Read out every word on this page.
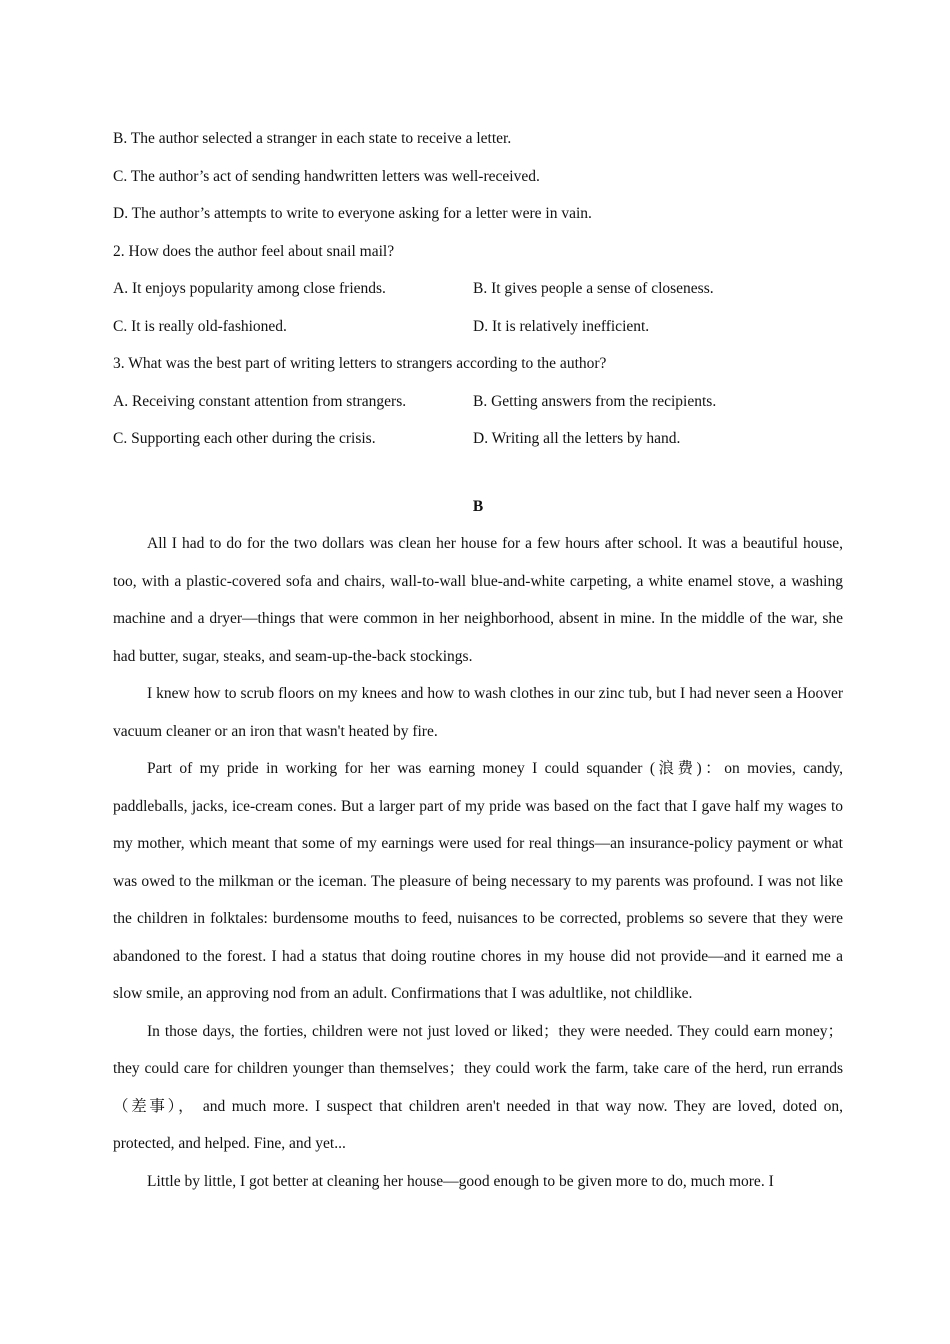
B. The author selected a stranger in each state to receive a letter.
C. The author’s act of sending handwritten letters was well-received.
D. The author’s attempts to write to everyone asking for a letter were in vain.
2. How does the author feel about snail mail?
A. It enjoys popularity among close friends.	B. It gives people a sense of closeness.
C. It is really old-fashioned.	D. It is relatively inefficient.
3. What was the best part of writing letters to strangers according to the author?
A. Receiving constant attention from strangers.	B. Getting answers from the recipients.
C. Supporting each other during the crisis.	D. Writing all the letters by hand.
B

All I had to do for the two dollars was clean her house for a few hours after school. It was a beautiful house, too, with a plastic-covered sofa and chairs, wall-to-wall blue-and-white carpeting, a white enamel stove, a washing machine and a dryer—things that were common in her neighborhood, absent in mine. In the middle of the war, she had butter, sugar, steaks, and seam-up-the-back stockings.

I knew how to scrub floors on my knees and how to wash clothes in our zinc tub, but I had never seen a Hoover vacuum cleaner or an iron that wasn't heated by fire.

Part of my pride in working for her was earning money I could squander (浪费)：on movies, candy, paddleballs, jacks, ice-cream cones. But a larger part of my pride was based on the fact that I gave half my wages to my mother, which meant that some of my earnings were used for real things—an insurance-policy payment or what was owed to the milkman or the iceman. The pleasure of being necessary to my parents was profound. I was not like the children in folktales: burdensome mouths to feed, nuisances to be corrected, problems so severe that they were abandoned to the forest. I had a status that doing routine chores in my house did not provide—and it earned me a slow smile, an approving nod from an adult. Confirmations that I was adultlike, not childlike.

In those days, the forties, children were not just loved or liked；they were needed. They could earn money；they could care for children younger than themselves；they could work the farm, take care of the herd, run errands（差事）， and much more. I suspect that children aren't needed in that way now. They are loved, doted on, protected, and helped. Fine, and yet...

Little by little, I got better at cleaning her house—good enough to be given more to do, much more. I
